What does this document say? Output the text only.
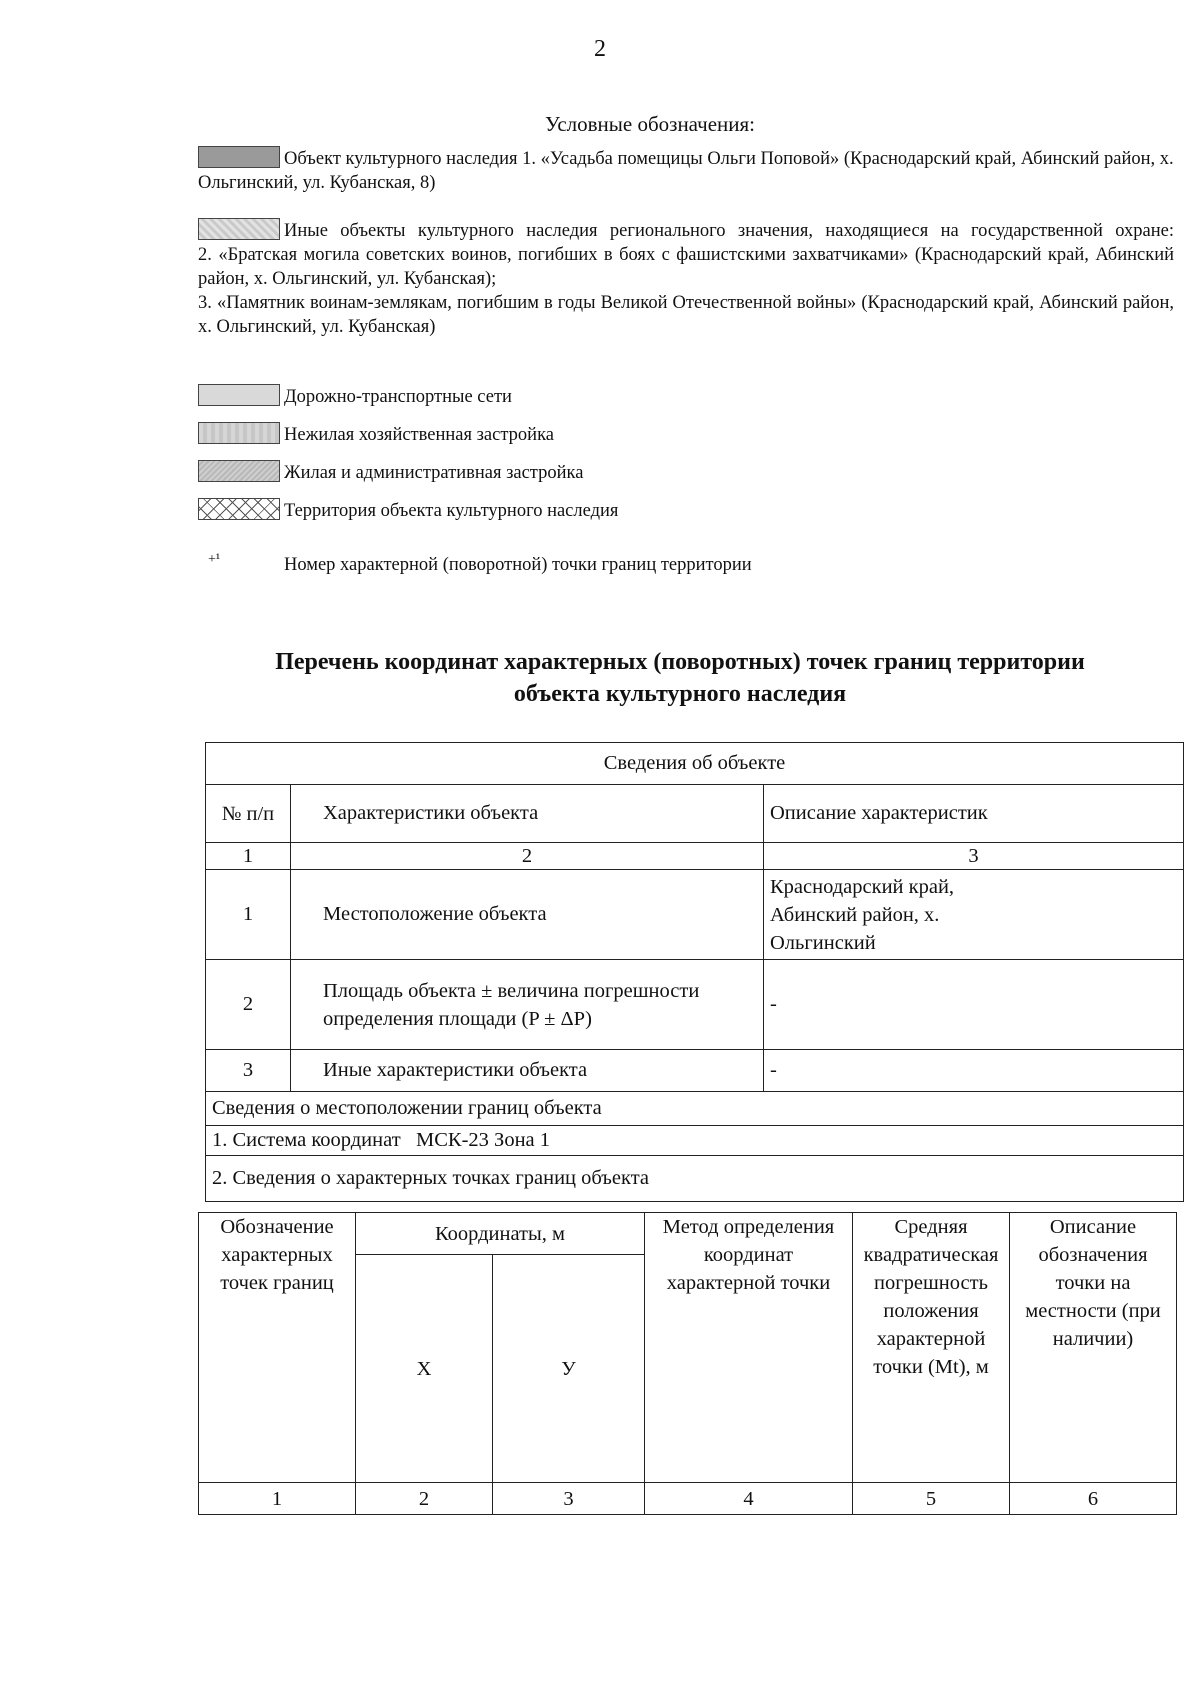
2
Условные обозначения:
Объект культурного наследия 1. «Усадьба помещицы Ольги Поповой» (Краснодарский край, Абинский район, х. Ольгинский, ул. Кубанская, 8)
Иные объекты культурного наследия регионального значения, находящиеся на государственной охране:
2. «Братская могила советских воинов, погибших в боях с фашистскими захватчиками» (Краснодарский край, Абинский район, х. Ольгинский, ул. Кубанская);
3. «Памятник воинам-землякам, погибшим в годы Великой Отечественной войны» (Краснодарский край, Абинский район, х. Ольгинский, ул. Кубанская)
Дорожно-транспортные сети
Нежилая хозяйственная застройка
Жилая и административная застройка
Территория объекта культурного наследия
+¹	Номер характерной (поворотной) точки границ территории
Перечень координат характерных (поворотных) точек границ территории
объекта культурного наследия
Сведения об объекте		
№ п/п	Характеристики объекта	Описание характеристик
1	2	3
1	Местоположение объекта	Краснодарский край, Абинский район, х. Ольгинский
2	Площадь объекта ± величина погрешности определения площади (P ± ΔP)	-
3	Иные характеристики объекта	-
Сведения о местоположении границ объекта		
1. Система координат   МСК-23 Зона 1		
2. Сведения о характерных точках границ объекта		
Обозначение характерных точек границ	Координаты, м		Метод определения координат характерной точки	Средняя квадратическая погрешность положения характерной точки (Mt), м	Описание обозначения точки на местности (при наличии)
	X	У			
1	2	3	4	5	6
